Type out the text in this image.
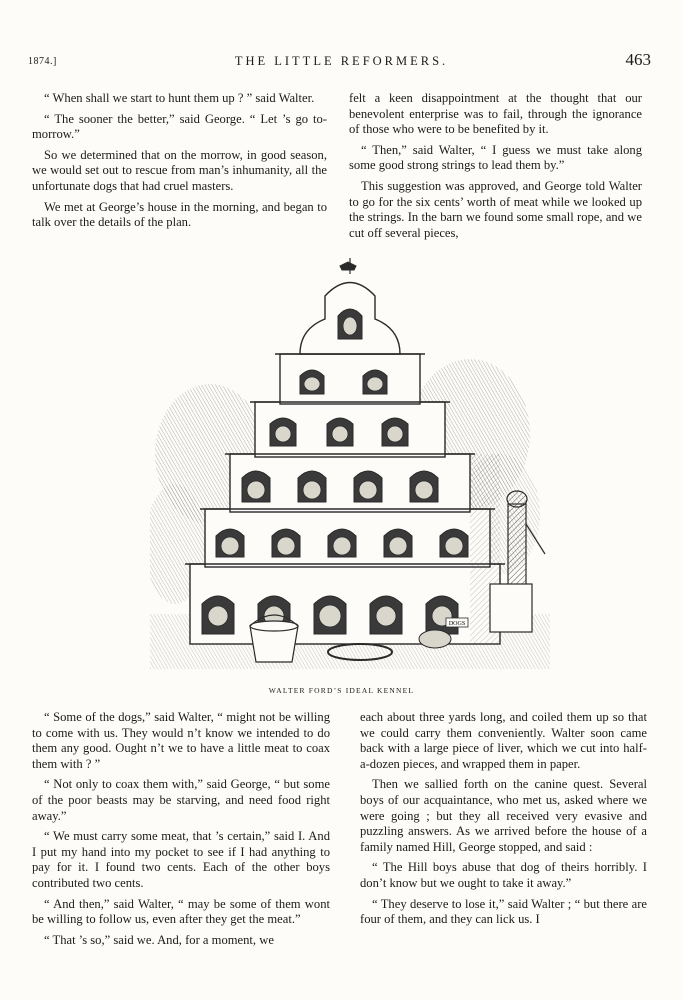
1874.]	THE LITTLE REFORMERS.	463

“ When shall we start to hunt them up ? ” said Walter.

“ The sooner the better,” said George. “ Let ’s go to-morrow.”

So we determined that on the morrow, in good season, we would set out to rescue from man’s inhumanity, all the unfortunate dogs that had cruel masters.

We met at George’s house in the morning, and began to talk over the details of the plan.

felt a keen disappointment at the thought that our benevolent enterprise was to fail, through the ignorance of those who were to be benefited by it.

“ Then,” said Walter, “ I guess we must take along some good strong strings to lead them by.”

This suggestion was approved, and George told Walter to go for the six cents’ worth of meat while we looked up the strings. In the barn we found some small rope, and we cut off several pieces,

DOGS
WALTER FORD’S IDEAL KENNEL

“ Some of the dogs,” said Walter, “ might not be willing to come with us. They would n’t know we intended to do them any good. Ought n’t we to have a little meat to coax them with ? ”

“ Not only to coax them with,” said George, “ but some of the poor beasts may be starving, and need food right away.”

“ We must carry some meat, that ’s certain,” said I. And I put my hand into my pocket to see if I had anything to pay for it. I found two cents. Each of the other boys contributed two cents.

“ And then,” said Walter, “ may be some of them wont be willing to follow us, even after they get the meat.”

“ That ’s so,” said we. And, for a moment, we

each about three yards long, and coiled them up so that we could carry them conveniently. Walter soon came back with a large piece of liver, which we cut into half-a-dozen pieces, and wrapped them in paper.

Then we sallied forth on the canine quest. Several boys of our acquaintance, who met us, asked where we were going ; but they all received very evasive and puzzling answers. As we arrived before the house of a family named Hill, George stopped, and said :

“ The Hill boys abuse that dog of theirs horribly. I don’t know but we ought to take it away.”

“ They deserve to lose it,” said Walter ; “ but there are four of them, and they can lick us. I
